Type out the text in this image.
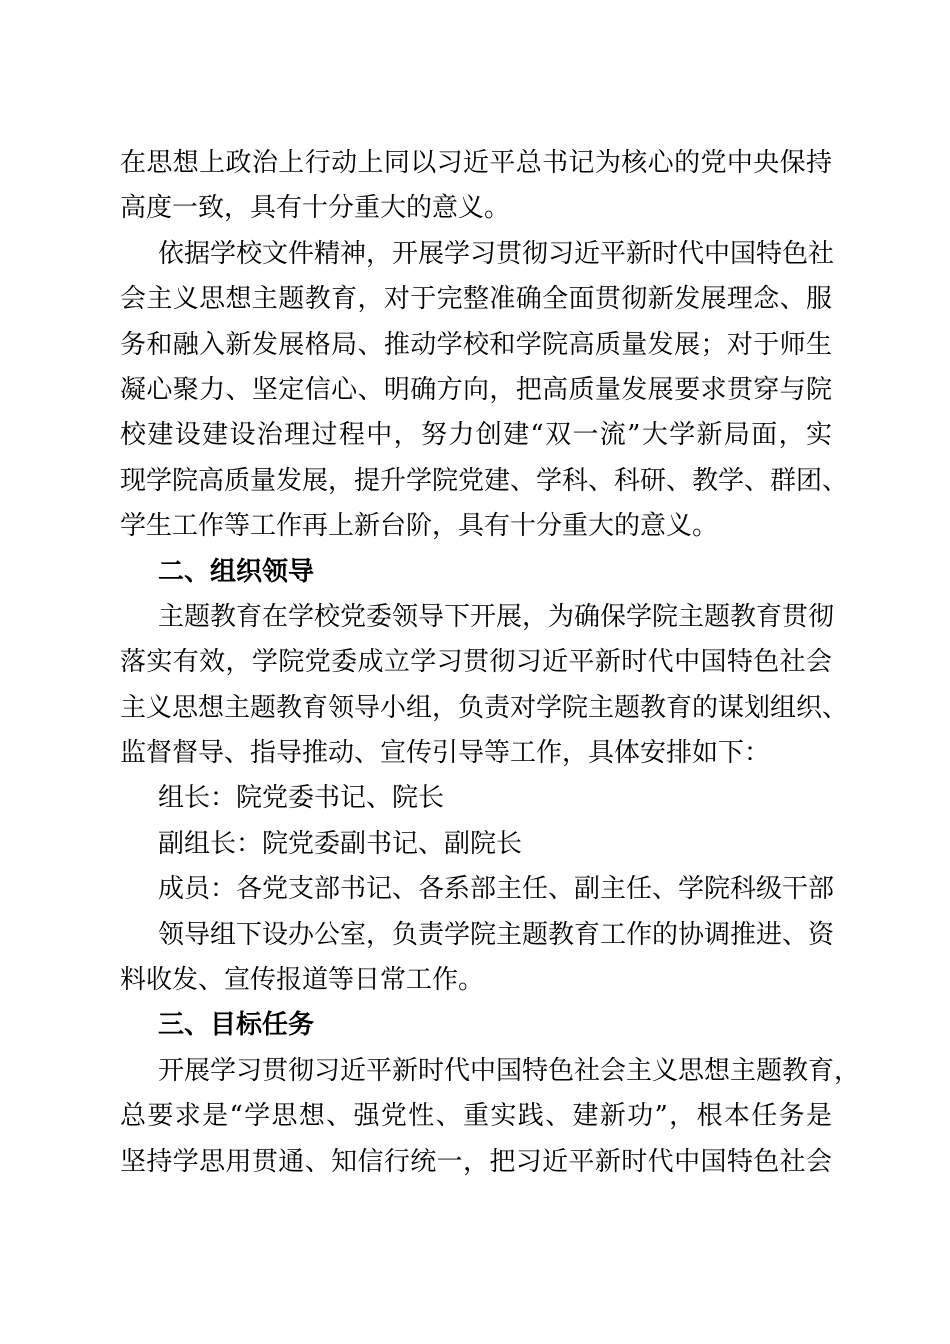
在思想上政治上行动上同以习近平总书记为核心的党中央保持
高度一致，具有十分重大的意义。
依据学校文件精神，开展学习贯彻习近平新时代中国特色社
会主义思想主题教育，对于完整准确全面贯彻新发展理念、服
务和融入新发展格局、推动学校和学院高质量发展；对于师生
凝心聚力、坚定信心、明确方向，把高质量发展要求贯穿与院
校建设建设治理过程中，努力创建“双一流”大学新局面，实
现学院高质量发展，提升学院党建、学科、科研、教学、群团、
学生工作等工作再上新台阶，具有十分重大的意义。
二、组织领导
主题教育在学校党委领导下开展，为确保学院主题教育贯彻
落实有效，学院党委成立学习贯彻习近平新时代中国特色社会
主义思想主题教育领导小组，负责对学院主题教育的谋划组织、
监督督导、指导推动、宣传引导等工作，具体安排如下：
组长：院党委书记、院长
副组长：院党委副书记、副院长
成员：各党支部书记、各系部主任、副主任、学院科级干部
领导组下设办公室，负责学院主题教育工作的协调推进、资
料收发、宣传报道等日常工作。
三、目标任务
开展学习贯彻习近平新时代中国特色社会主义思想主题教育，
总要求是“学思想、强党性、重实践、建新功”，根本任务是
坚持学思用贯通、知信行统一，把习近平新时代中国特色社会
